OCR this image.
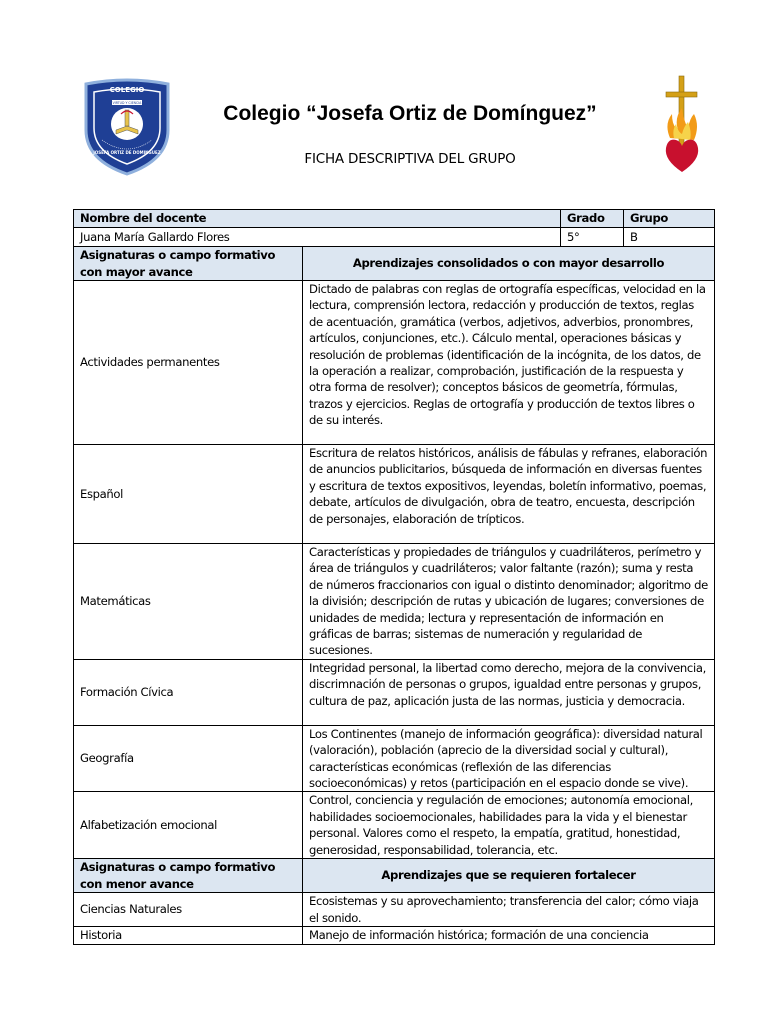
COLEGIO
VIRTUD Y CIENCIA
JOSEFA ORTIZ DE DOMINGUEZ
Colegio “Josefa Ortiz de Domínguez”
FICHA DESCRIPTIVA DEL GRUPO
Nombre del docente		Grado	Grupo
Juana María Gallardo Flores		5°	B
Asignaturas o campo formativo con mayor avance	Aprendizajes consolidados o con mayor desarrollo		
Actividades permanentes	Dictado de palabras con reglas de ortografía específicas, velocidad en la lectura, comprensión lectora, redacción y producción de textos, reglas de acentuación, gramática (verbos, adjetivos, adverbios, pronombres, artículos, conjunciones, etc.). Cálculo mental, operaciones básicas y resolución de problemas (identificación de la incógnita, de los datos, de la operación a realizar, comprobación, justificación de la respuesta y otra forma de resolver); conceptos básicos de geometría, fórmulas, trazos y ejercicios. Reglas de ortografía y producción de textos libres o de su interés.		
Español	Escritura de relatos históricos, análisis de fábulas y refranes, elaboración de anuncios publicitarios, búsqueda de información en diversas fuentes y escritura de textos expositivos, leyendas, boletín informativo, poemas, debate, artículos de divulgación, obra de teatro, encuesta, descripción de personajes, elaboración de trípticos.		
Matemáticas	Características y propiedades de triángulos y cuadriláteros, perímetro y área de triángulos y cuadriláteros; valor faltante (razón); suma y resta de números fraccionarios con igual o distinto denominador; algoritmo de la división; descripción de rutas y ubicación de lugares; conversiones de unidades de medida; lectura y representación de información en gráficas de barras; sistemas de numeración y regularidad de sucesiones.		
Formación Cívica	Integridad personal, la libertad como derecho, mejora de la convivencia, discrimnación de personas o grupos, igualdad entre personas y grupos, cultura de paz, aplicación justa de las normas, justicia y democracia.		
Geografía	Los Continentes (manejo de información geográfica): diversidad natural (valoración), población (aprecio de la diversidad social y cultural), características económicas (reflexión de las diferencias socioeconómicas) y retos (participación en el espacio donde se vive).		
Alfabetización emocional	Control, conciencia y regulación de emociones; autonomía emocional, habilidades socioemocionales, habilidades para la vida y el bienestar personal. Valores como el respeto, la empatía, gratitud, honestidad, generosidad, responsabilidad, tolerancia, etc.		
Asignaturas o campo formativo con menor avance	Aprendizajes que se requieren fortalecer		
Ciencias Naturales	Ecosistemas y su aprovechamiento; transferencia del calor; cómo viaja el sonido.		
Historia	Manejo de información histórica; formación de una conciencia		
